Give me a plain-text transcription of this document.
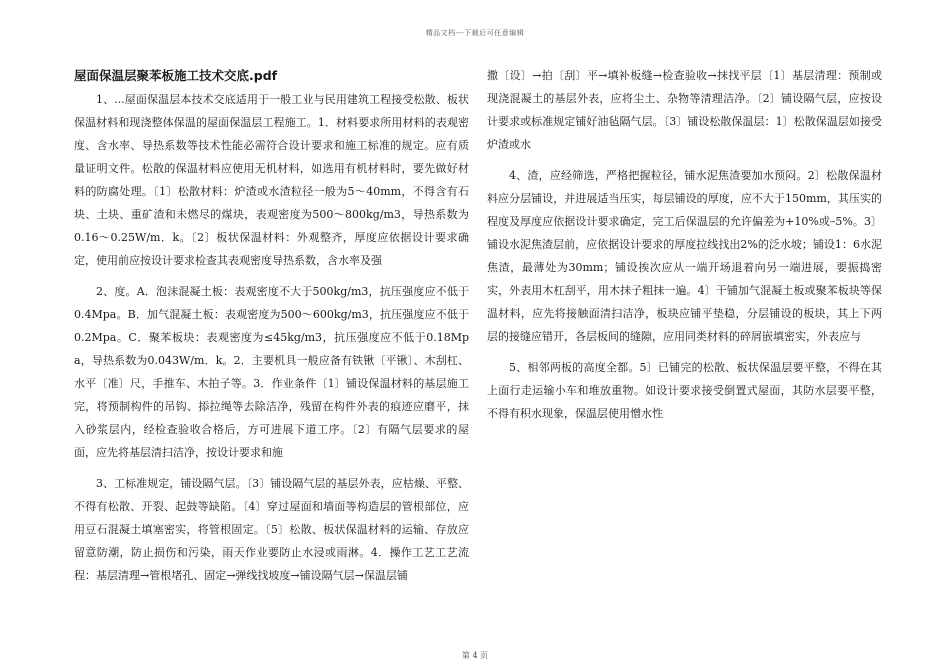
精品文档---下载后可任意编辑
屋面保温层聚苯板施工技术交底.pdf

1、...屋面保温层本技术交底适用于一般工业与民用建筑工程接受松散、板状保温材料和现浇整体保温的屋面保温层工程施工。1．材料要求所用材料的表观密度、含水率、导热系数等技术性能必需符合设计要求和施工标准的规定。应有质量证明文件。松散的保温材料应使用无机材料，如选用有机材料时，要先做好材料的防腐处理。〔1〕松散材料：炉渣或水渣粒径一般为5～40mm，不得含有石块、土块、重矿渣和未燃尽的煤块，表观密度为500～800kg/m3，导热系数为0.16～0.25W/m．k。〔2〕板状保温材料：外观整齐，厚度应依据设计要求确定，使用前应按设计要求检查其表观密度导热系数，含水率及强

2、度。A．泡沫混凝土板：表观密度不大于500kg/m3，抗压强度应不低于0.4Mpa。B．加气混凝土板：表观密度为500～600kg/m3，抗压强度应不低于0.2Mpa。C．聚苯板块：表观密度为≤45kg/m3，抗压强度应不低于0.18Mpa，导热系数为0.043W/m．k。2．主要机具一般应备有铁锹〔平锹〕、木刮杠、水平〔准〕尺，手推车、木拍子等。3．作业条件〔1〕铺设保温材料的基层施工完，将预制构件的吊钩、掭拉绳等去除洁净，残留在构件外表的痕迹应磨平，抹入砂浆层内，经检查验收合格后，方可进展下道工序。〔2〕有隔气层要求的屋面，应先将基层清扫洁净，按设计要求和施

3、工标准规定，铺设隔气层。〔3〕铺设隔气层的基层外表，应枯燥、平整、不得有松散、开裂、起鼓等缺陷。〔4〕穿过屋面和墙面等构造层的管根部位，应用豆石混凝土填塞密实，将管根固定。〔5〕松散、板状保温材料的运输、存放应留意防潮，防止损伤和污染，雨天作业要防止水浸或雨淋。4．操作工艺工艺流程：基层清理→管根堵孔、固定→弹线找坡度→铺设隔气层→保温层铺

撒〔设〕→拍〔刮〕平→填补板缝→检查验收→抹找平层〔1〕基层清理：预制或现浇混凝土的基层外表，应将尘土、杂物等清理洁净。〔2〕铺设隔气层，应按设计要求或标准规定铺好油毡隔气层。〔3〕铺设松散保温层：1〕松散保温层如接受炉渣或水

4、渣，应经筛选，严格把握粒径，铺水泥焦渣要加水预闷。2〕松散保温材料应分层铺设，并进展适当压实，每层铺设的厚度，应不大于150mm，其压实的程度及厚度应依据设计要求确定，完工后保温层的允许偏差为+10%或–5%。3〕铺设水泥焦渣层前，应依据设计要求的厚度拉线找出2%的泛水坡；铺设1：6水泥焦渣，最薄处为30mm；铺设挨次应从一端开场退着向另一端进展，要振捣密实，外表用木杠刮平，用木抹子粗抹一遍。4〕干铺加气混凝土板或聚苯板块等保温材料，应先将接触面清扫洁净，板块应铺平垫稳，分层铺设的板块，其上下两层的接缝应错开，各层板间的缝隙，应用同类材料的碎屑嵌填密实，外表应与

5、相邻两板的高度全都。5〕已铺完的松散、板状保温层要平整，不得在其上面行走运输小车和堆放重物。如设计要求接受倒置式屋面，其防水层要平整，不得有积水现象，保温层使用憎水性

第 4 页
